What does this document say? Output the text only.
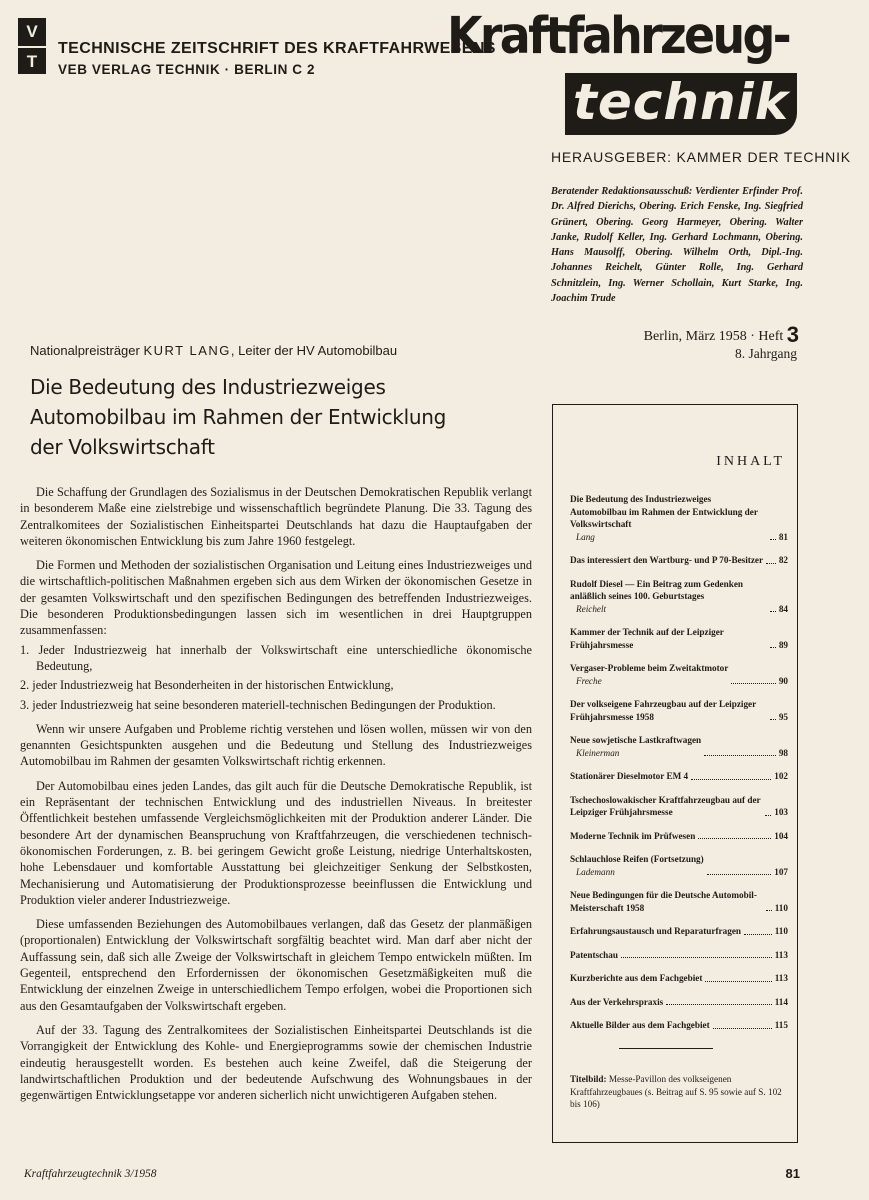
V
T
TECHNISCHE ZEITSCHRIFT DES KRAFTFAHRWESENS
VEB VERLAG TECHNIK · BERLIN C 2
Kraftfahrzeug-
technik
HERAUSGEBER: KAMMER DER TECHNIK
Beratender Redaktionsausschuß: Verdienter Erfinder Prof. Dr. Alfred Dierichs, Obering. Erich Fenske, Ing. Siegfried Grünert, Obering. Georg Harmeyer, Obering. Walter Janke, Rudolf Keller, Ing. Gerhard Lochmann, Obering. Hans Mausolff, Obering. Wilhelm Orth, Dipl.-Ing. Johannes Reichelt, Günter Rolle, Ing. Gerhard Schnitzlein, Ing. Werner Schollain, Kurt Starke, Ing. Joachim Trude
Berlin, März 1958 · Heft 3
8. Jahrgang
Nationalpreisträger KURT LANG, Leiter der HV Automobilbau
Die Bedeutung des Industriezweiges
Automobilbau im Rahmen der Entwicklung
der Volkswirtschaft

Die Schaffung der Grundlagen des Sozialismus in der Deutschen Demokratischen Republik verlangt in besonderem Maße eine zielstrebige und wissenschaftlich begründete Planung. Die 33. Tagung des Zentralkomitees der Sozialistischen Einheitspartei Deutschlands hat dazu die Hauptaufgaben der weiteren ökonomischen Entwicklung bis zum Jahre 1960 festgelegt.

Die Formen und Methoden der sozialistischen Organisation und Leitung eines Industriezweiges und die wirtschaftlich-politischen Maßnahmen ergeben sich aus dem Wirken der ökonomischen Gesetze in der gesamten Volkswirtschaft und den spezifischen Bedingungen des betreffenden Industriezweiges. Die besonderen Produktionsbedingungen lassen sich im wesentlichen in drei Hauptgruppen zusammenfassen:

1. Jeder Industriezweig hat innerhalb der Volkswirtschaft eine unterschiedliche ökonomische Bedeutung,
2. jeder Industriezweig hat Besonderheiten in der historischen Entwicklung,
3. jeder Industriezweig hat seine besonderen materiell-technischen Bedingungen der Produktion.

Wenn wir unsere Aufgaben und Probleme richtig verstehen und lösen wollen, müssen wir von den genannten Gesichtspunkten ausgehen und die Bedeutung und Stellung des Industriezweiges Automobilbau im Rahmen der gesamten Volkswirtschaft richtig erkennen.

Der Automobilbau eines jeden Landes, das gilt auch für die Deutsche Demokratische Republik, ist ein Repräsentant der technischen Entwicklung und des industriellen Niveaus. In breitester Öffentlichkeit bestehen umfassende Vergleichsmöglichkeiten mit der Produktion anderer Länder. Die besondere Art der dynamischen Beanspruchung von Kraftfahrzeugen, die verschiedenen technisch-ökonomischen Forderungen, z. B. bei geringem Gewicht große Leistung, niedrige Unterhaltskosten, hohe Lebensdauer und komfortable Ausstattung bei gleichzeitiger Senkung der Selbstkosten, Mechanisierung und Automatisierung der Produktionsprozesse beeinflussen die Entwicklung und Produktion vieler anderer Industriezweige.

Diese umfassenden Beziehungen des Automobilbaues verlangen, daß das Gesetz der planmäßigen (proportionalen) Entwicklung der Volkswirtschaft sorgfältig beachtet wird. Man darf aber nicht der Auffassung sein, daß sich alle Zweige der Volkswirtschaft in gleichem Tempo entwickeln müßten. Im Gegenteil, entsprechend den Erfordernissen der ökonomischen Gesetzmäßigkeiten muß die Entwicklung der einzelnen Zweige in unterschiedlichem Tempo erfolgen, wobei die Proportionen sich aus den Gesamtaufgaben der Volkswirtschaft ergeben.

Auf der 33. Tagung des Zentralkomitees der Sozialistischen Einheitspartei Deutschlands ist die Vorrangigkeit der Entwicklung des Kohle- und Energieprogramms sowie der chemischen Industrie eindeutig herausgestellt worden. Es bestehen auch keine Zweifel, daß die Steigerung der landwirtschaftlichen Produktion und der bedeutende Aufschwung des Wohnungsbaues in der gegenwärtigen Entwicklungsetappe vor anderen sicherlich nicht unwichtigeren Aufgaben stehen.

INHALT
Die Bedeutung des Industriezweiges Automobilbau im Rahmen der Entwicklung der Volkswirtschaft
Lang	81
Das interessiert den Wartburg- und P 70-Besitzer 82
Rudolf Diesel — Ein Beitrag zum Gedenken anläßlich seines 100. Geburtstages
Reichelt	84
Kammer der Technik auf der Leipziger Frühjahrsmesse	89
Vergaser-Probleme beim Zweitaktmotor
Freche	90
Der volkseigene Fahrzeugbau auf der Leipziger Frühjahrsmesse 1958	95
Neue sowjetische Lastkraftwagen
Kleinerman	98
Stationärer Dieselmotor EM 4	102
Tschechoslowakischer Kraftfahrzeugbau auf der Leipziger Frühjahrsmesse	103
Moderne Technik im Prüfwesen	104
Schlauchlose Reifen (Fortsetzung)
Lademann	107
Neue Bedingungen für die Deutsche Automobil-Meisterschaft 1958	110
Erfahrungsaustausch und Reparaturfragen	110
Patentschau	113
Kurzberichte aus dem Fachgebiet	113
Aus der Verkehrspraxis	114
Aktuelle Bilder aus dem Fachgebiet	115
Titelbild: Messe-Pavillon des volkseigenen Kraftfahrzeugbaues (s. Beitrag auf S. 95 sowie auf S. 102 bis 106)
Kraftfahrzeugtechnik 3/1958	81
